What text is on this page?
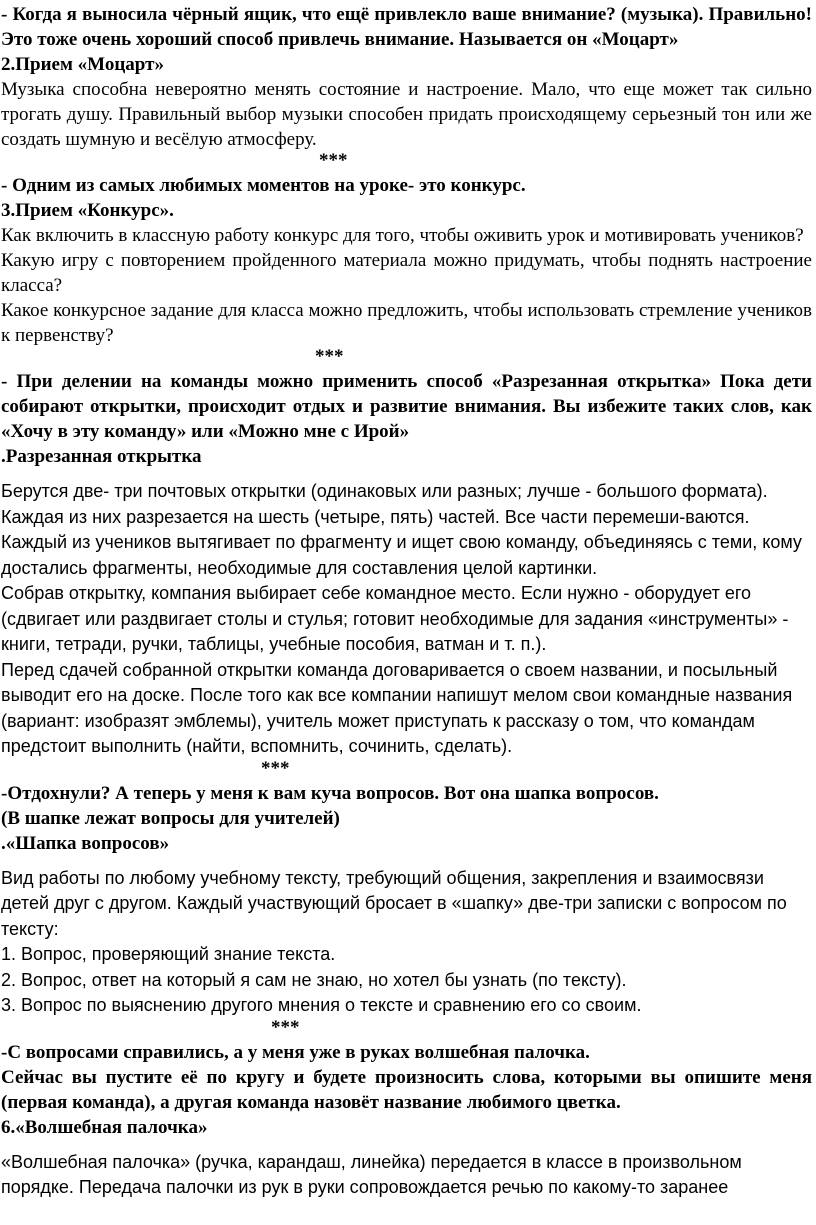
- Когда я выносила чёрный ящик, что ещё привлекло ваше внимание? (музыка). Правильно! Это тоже очень хороший способ привлечь внимание. Называется он «Моцарт»

2.Прием «Моцарт»

Музыка способна невероятно менять состояние и настроение. Мало, что еще может так сильно трогать душу. Правильный выбор музыки способен придать происходящему серьезный тон или же создать шумную и весёлую атмосферу.

***

- Одним из самых любимых моментов на уроке- это конкурс.

3.Прием «Конкурс».

Как включить в классную работу конкурс для того, чтобы оживить урок и мотивировать учеников?

Какую игру с повторением пройденного материала можно придумать, чтобы поднять настроение класса?

Какое конкурсное задание для класса можно предложить, чтобы использовать стремление учеников к первенству?

***

- При делении на команды можно применить способ «Разрезанная открытка» Пока дети собирают открытки, происходит отдых и развитие внимания. Вы избежите таких слов, как «Хочу в эту команду» или «Можно мне с Ирой»

.Разрезанная открытка

Берутся две- три почтовых открытки (одинаковых или разных; лучше - большого формата). Каждая из них разрезается на шесть (четыре, пять) частей. Все части перемеши-ваются. Каждый из учеников вытягивает по фрагменту и ищет свою команду, объединяясь с теми, кому достались фрагменты, необходимые для составления целой картинки.

Собрав открытку, компания выбирает себе командное место. Если нужно - оборудует его (сдвигает или раздвигает столы и стулья; готовит необходимые для задания «инструменты» - книги, тетради, ручки, таблицы, учебные пособия, ватман и т. п.).

Перед сдачей собранной открытки команда договаривается о своем названии, и посыльный выводит его на доске. После того как все компании напишут мелом свои командные названия (вариант: изобразят эмблемы), учитель может приступать к рассказу о том, что командам предстоит выполнить (найти, вспомнить, сочинить, сделать).

***

-Отдохнули? А теперь у меня к вам куча вопросов. Вот она шапка вопросов.

(В шапке лежат вопросы для учителей)

.«Шапка вопросов»

Вид работы по любому учебному тексту, требующий общения, закрепления и взаимосвязи детей друг с другом. Каждый участвующий бросает в «шапку» две-три записки с вопросом по тексту:

1. Вопрос, проверяющий знание текста.

2. Вопрос, ответ на который я сам не знаю, но хотел бы узнать (по тексту).

3. Вопрос по выяснению другого мнения о тексте и сравнению его со своим.

***

-С вопросами справились, а у меня уже в руках волшебная палочка.

Сейчас вы пустите её по кругу и будете произносить слова, которыми вы опишите меня (первая команда), а другая команда назовёт название любимого цветка.

6.«Волшебная палочка»

«Волшебная палочка» (ручка, карандаш, линейка) передается в классе в произвольном порядке. Передача палочки из рук в руки сопровождается речью по какому-то заранее
